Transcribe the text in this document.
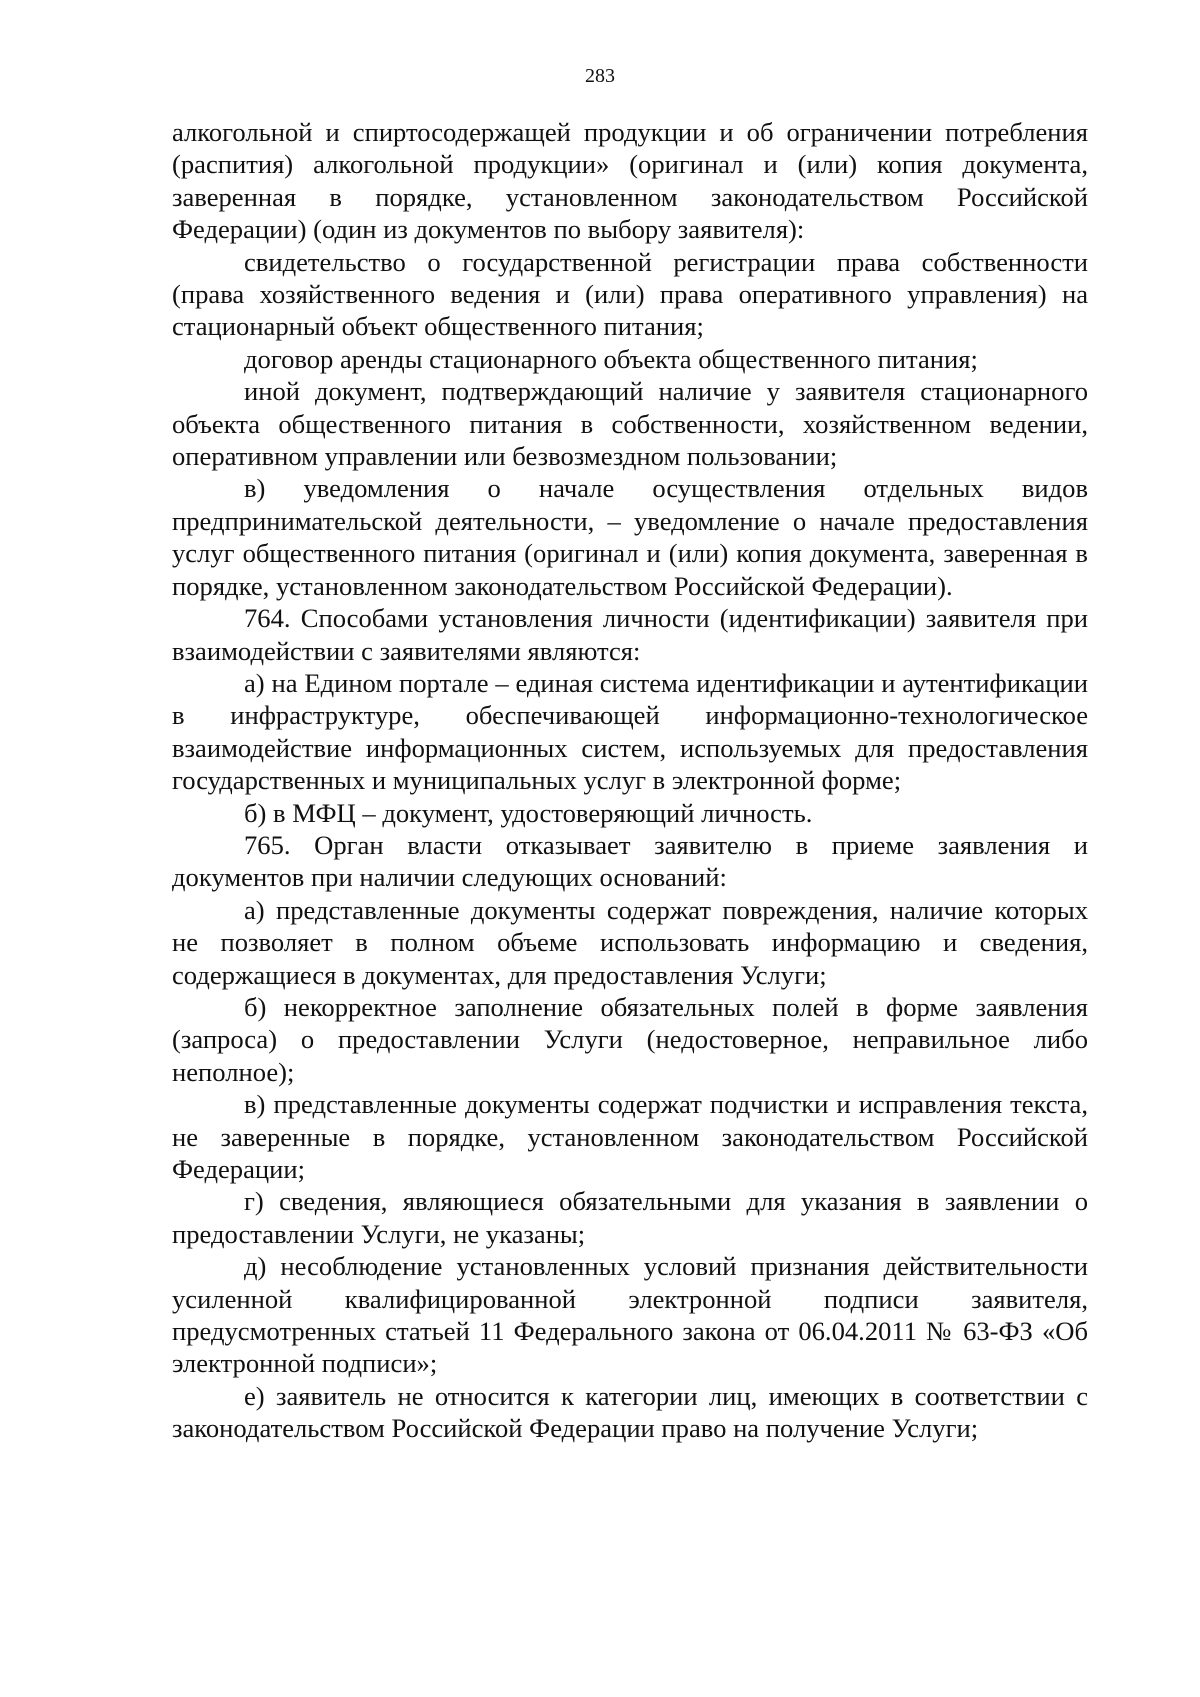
283

алкогольной и спиртосодержащей продукции и об ограничении потребления (распития) алкогольной продукции» (оригинал и (или) копия документа, заверенная в порядке, установленном законодательством Российской Федерации) (один из документов по выбору заявителя):

свидетельство о государственной регистрации права собственности (права хозяйственного ведения и (или) права оперативного управления) на стационарный объект общественного питания;

договор аренды стационарного объекта общественного питания;

иной документ, подтверждающий наличие у заявителя стационарного объекта общественного питания в собственности, хозяйственном ведении, оперативном управлении или безвозмездном пользовании;

в) уведомления о начале осуществления отдельных видов предпринимательской деятельности, – уведомление о начале предоставления услуг общественного питания (оригинал и (или) копия документа, заверенная в порядке, установленном законодательством Российской Федерации).

764. Способами установления личности (идентификации) заявителя при взаимодействии с заявителями являются:

а) на Едином портале – единая система идентификации и аутентификации в инфраструктуре, обеспечивающей информационно-технологическое взаимодействие информационных систем, используемых для предоставления государственных и муниципальных услуг в электронной форме;

б) в МФЦ – документ, удостоверяющий личность.

765. Орган власти отказывает заявителю в приеме заявления и документов при наличии следующих оснований:

а) представленные документы содержат повреждения, наличие которых не позволяет в полном объеме использовать информацию и сведения, содержащиеся в документах, для предоставления Услуги;

б) некорректное заполнение обязательных полей в форме заявления (запроса) о предоставлении Услуги (недостоверное, неправильное либо неполное);

в) представленные документы содержат подчистки и исправления текста, не заверенные в порядке, установленном законодательством Российской Федерации;

г) сведения, являющиеся обязательными для указания в заявлении о предоставлении Услуги, не указаны;

д) несоблюдение установленных условий признания действительности усиленной квалифицированной электронной подписи заявителя, предусмотренных статьей 11 Федерального закона от 06.04.2011 № 63-ФЗ «Об электронной подписи»;

е) заявитель не относится к категории лиц, имеющих в соответствии с законодательством Российской Федерации право на получение Услуги;
